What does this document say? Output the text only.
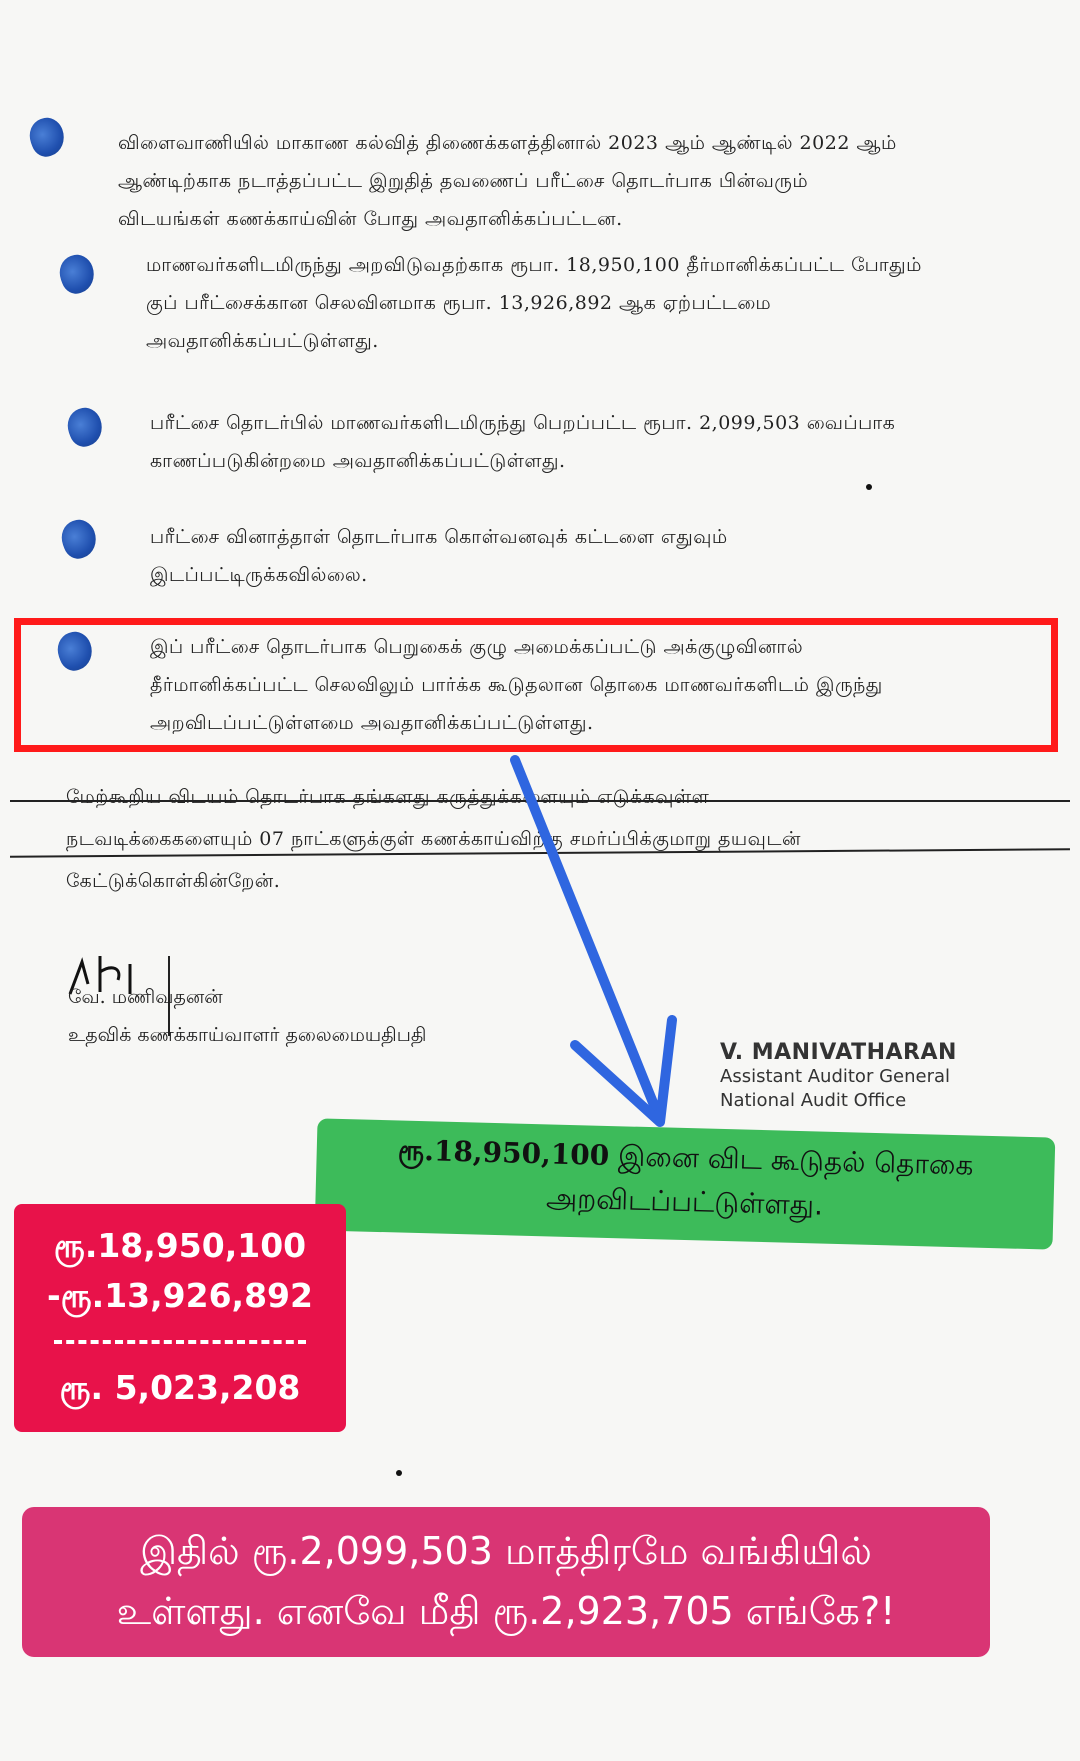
விளைவாணியில் மாகாண கல்வித் திணைக்களத்தினால் 2023 ஆம் ஆண்டில் 2022 ஆம்
ஆண்டிற்காக நடாத்தப்பட்ட இறுதித் தவணைப் பரீட்சை தொடர்பாக பின்வரும்
விடயங்கள் கணக்காய்வின் போது அவதானிக்கப்பட்டன.
மாணவர்களிடமிருந்து அறவிடுவதற்காக ரூபா. 18,950,100 தீர்மானிக்கப்பட்ட போதும்
குப் பரீட்சைக்கான செலவினமாக ரூபா. 13,926,892 ஆக ஏற்பட்டமை
அவதானிக்கப்பட்டுள்ளது.
பரீட்சை தொடர்பில் மாணவர்களிடமிருந்து பெறப்பட்ட ரூபா. 2,099,503 வைப்பாக
காணப்படுகின்றமை அவதானிக்கப்பட்டுள்ளது.
பரீட்சை வினாத்தாள் தொடர்பாக கொள்வனவுக் கட்டளை எதுவும்
இடப்பட்டிருக்கவில்லை.
இப் பரீட்சை தொடர்பாக பெறுகைக் குழு அமைக்கப்பட்டு அக்குழுவினால்
தீர்மானிக்கப்பட்ட செலவிலும் பார்க்க கூடுதலான தொகை மாணவர்களிடம் இருந்து
அறவிடப்பட்டுள்ளமை அவதானிக்கப்பட்டுள்ளது.
மேற்கூறிய விடயம் தொடர்பாக தங்களது கருத்துக்களையும் எடுக்கவுள்ள
நடவடிக்கைகளையும் 07 நாட்களுக்குள் கணக்காய்விற்கு சமர்ப்பிக்குமாறு தயவுடன்
கேட்டுக்கொள்கின்றேன்.
வே. மணிவதனன்
உதவிக் கணக்காய்வாளர் தலைமையதிபதி
V. MANIVATHARAN
Assistant Auditor General
National Audit Office
ரூ.18,950,100 இனை விட கூடுதல் தொகை
அறவிடப்பட்டுள்ளது.
ரூ.18,950,100
-ரூ.13,926,892
ரூ. 5,023,208
இதில் ரூ.2,099,503 மாத்திரமே வங்கியில்
உள்ளது. எனவே மீதி ரூ.2,923,705 எங்கே?!
